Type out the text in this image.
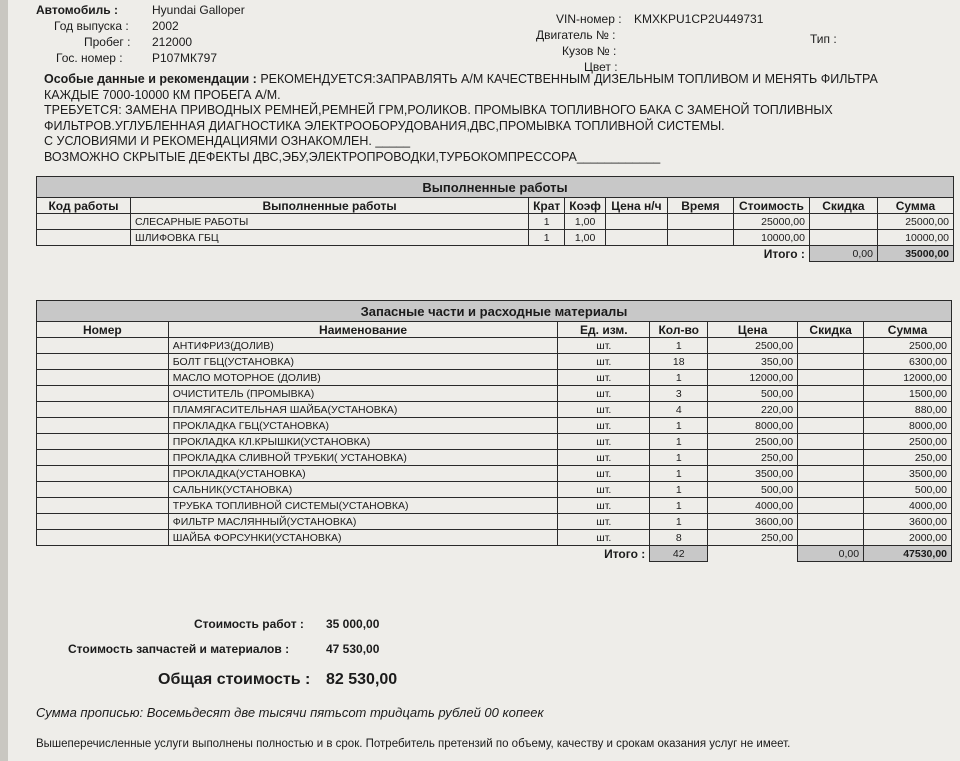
Автомобиль :	Hyundai Galloper
Год выпуска : 2002
Пробег : 212000
Гос. номер : Р107МК797
VIN-номер : KMXKPU1CP2U449731
Двигатель № :
Кузов № :
Цвет :
Тип :

Особые данные и рекомендации : РЕКОМЕНДУЕТСЯ:ЗАПРАВЛЯТЬ А/М КАЧЕСТВЕННЫМ ДИЗЕЛЬНЫМ ТОПЛИВОМ И МЕНЯТЬ ФИЛЬТРА

КАЖДЫЕ 7000-10000 КМ ПРОБЕГА А/М.

ТРЕБУЕТСЯ: ЗАМЕНА ПРИВОДНЫХ РЕМНЕЙ,РЕМНЕЙ ГРМ,РОЛИКОВ. ПРОМЫВКА ТОПЛИВНОГО БАКА С ЗАМЕНОЙ ТОПЛИВНЫХ

ФИЛЬТРОВ.УГЛУБЛЕННАЯ ДИАГНОСТИКА ЭЛЕКТРООБОРУДОВАНИЯ,ДВС,ПРОМЫВКА ТОПЛИВНОЙ СИСТЕМЫ.

С УСЛОВИЯМИ И РЕКОМЕНДАЦИЯМИ ОЗНАКОМЛЕН. _____

ВОЗМОЖНО СКРЫТЫЕ ДЕФЕКТЫ ДВС,ЭБУ,ЭЛЕКТРОПРОВОДКИ,ТУРБОКОМПРЕССОРА____________

Выполненные работы								
Код работы	Выполненные работы	Крат	Коэф	Цена н/ч	Время	Стоимость	Скидка	Сумма
	СЛЕСАРНЫЕ РАБОТЫ	1	1,00			25000,00		25000,00
	ШЛИФОВКА ГБЦ	1	1,00			10000,00		10000,00
						Итого :	0,00	35000,00
Запасные части и расходные материалы						
Номер	Наименование	Ед. изм.	Кол-во	Цена	Скидка	Сумма
	АНТИФРИЗ(ДОЛИВ)	шт.	1	2500,00		2500,00
	БОЛТ ГБЦ(УСТАНОВКА)	шт.	18	350,00		6300,00
	МАСЛО МОТОРНОЕ (ДОЛИВ)	шт.	1	12000,00		12000,00
	ОЧИСТИТЕЛЬ (ПРОМЫВКА)	шт.	3	500,00		1500,00
	ПЛАМЯГАСИТЕЛЬНАЯ ШАЙБА(УСТАНОВКА)	шт.	4	220,00		880,00
	ПРОКЛАДКА ГБЦ(УСТАНОВКА)	шт.	1	8000,00		8000,00
	ПРОКЛАДКА КЛ.КРЫШКИ(УСТАНОВКА)	шт.	1	2500,00		2500,00
	ПРОКЛАДКА СЛИВНОЙ ТРУБКИ( УСТАНОВКА)	шт.	1	250,00		250,00
	ПРОКЛАДКА(УСТАНОВКА)	шт.	1	3500,00		3500,00
	САЛЬНИК(УСТАНОВКА)	шт.	1	500,00		500,00
	ТРУБКА ТОПЛИВНОЙ СИСТЕМЫ(УСТАНОВКА)	шт.	1	4000,00		4000,00
	ФИЛЬТР МАСЛЯННЫЙ(УСТАНОВКА)	шт.	1	3600,00		3600,00
	ШАЙБА ФОРСУНКИ(УСТАНОВКА)	шт.	8	250,00		2000,00
		Итого :	42		0,00	47530,00
Стоимость работ : 35 000,00
Стоимость запчастей и материалов :	47 530,00
Общая стоимость : 82 530,00
Сумма прописью: Восемьдесят две тысячи пятьсот тридцать рублей 00 копеек
Вышеперечисленные услуги выполнены полностью и в срок. Потребитель претензий по объему, качеству и срокам оказания услуг не имеет.
